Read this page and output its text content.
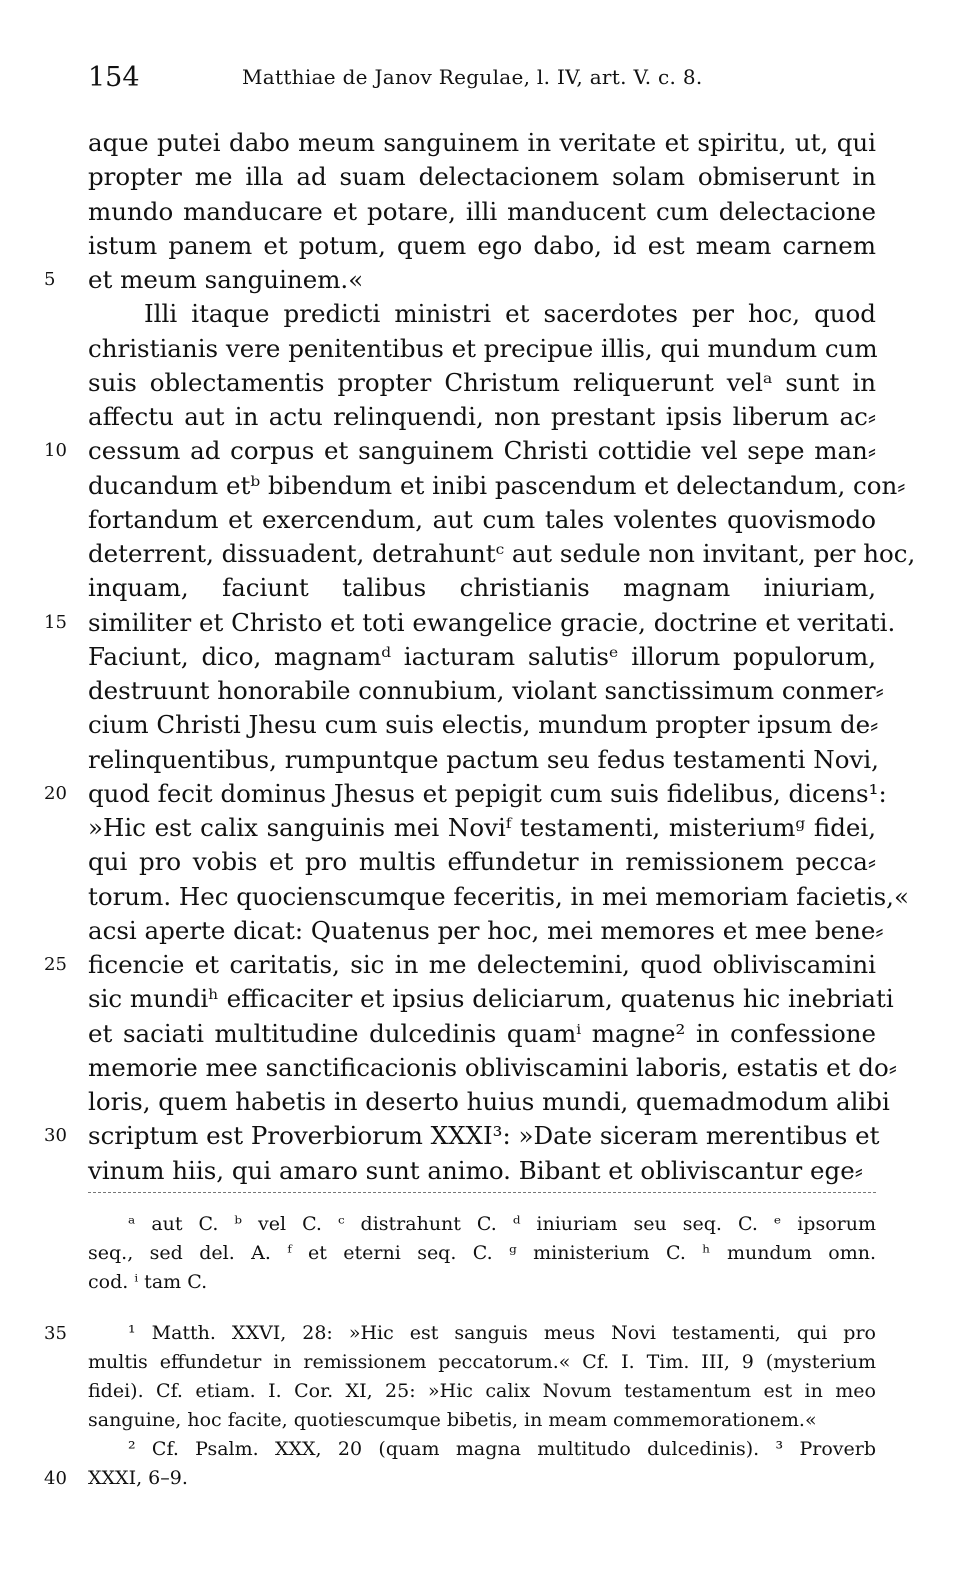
154	Matthiae de Janov Regulae, l. IV, art. V. c. 8.
aque putei dabo meum sanguinem in veritate et spiritu, ut, qui
propter me illa ad suam delectacionem solam obmiserunt in
mundo manducare et potare, illi manducent cum delectacione
istum panem et potum, quem ego dabo, id est meam carnem
5	et meum sanguinem.«
Illi itaque predicti ministri et sacerdotes per hoc, quod
christianis vere penitentibus et precipue illis, qui mundum cum
suis oblectamentis propter Christum reliquerunt velᵃ sunt in
affectu aut in actu relinquendi, non prestant ipsis liberum ac⸗
10 cessum ad corpus et sanguinem Christi cottidie vel sepe man⸗
ducandum etᵇ bibendum et inibi pascendum et delectandum, con⸗
fortandum et exercendum, aut cum tales volentes quovismodo
deterrent, dissuadent, detrahuntᶜ aut sedule non invitant, per hoc,
inquam, faciunt talibus christianis magnam iniuriam,
15 similiter et Christo et toti ewangelice gracie, doctrine et veritati.
Faciunt, dico, magnamᵈ iacturam salutisᵉ illorum populorum,
destruunt honorabile connubium, violant sanctissimum conmer⸗
cium Christi Jhesu cum suis electis, mundum propter ipsum de⸗
relinquentibus, rumpuntque pactum seu fedus testamenti Novi,
20 quod fecit dominus Jhesus et pepigit cum suis fidelibus, dicens¹:
»Hic est calix sanguinis mei Noviᶠ testamenti, misteriumᵍ fidei,
qui pro vobis et pro multis effundetur in remissionem pecca⸗
torum. Hec quocienscumque feceritis, in mei memoriam facietis,«
acsi aperte dicat: Quatenus per hoc, mei memores et mee bene⸗
25 ficencie et caritatis, sic in me delectemini, quod obliviscamini
sic mundiʰ efficaciter et ipsius deliciarum, quatenus hic inebriati
et saciati multitudine dulcedinis quamⁱ magne² in confessione
memorie mee sanctificacionis obliviscamini laboris, estatis et do⸗
loris, quem habetis in deserto huius mundi, quemadmodum alibi
30 scriptum est Proverbiorum XXXI³: »Date siceram merentibus et
vinum hiis, qui amaro sunt animo. Bibant et obliviscantur ege⸗
ᵃ aut C. ᵇ vel C. ᶜ distrahunt C. ᵈ iniuriam seu seq. C. ᵉ ipsorum
seq., sed del. A. ᶠ et eterni seq. C. ᵍ ministerium C. ʰ mundum omn.
cod. ⁱ tam C.
35	¹ Matth. XXVI, 28: »Hic est sanguis meus Novi testamenti, qui pro
multis effundetur in remissionem peccatorum.« Cf. I. Tim. III, 9 (mysterium
fidei). Cf. etiam. I. Cor. XI, 25: »Hic calix Novum testamentum est in meo
sanguine, hoc facite, quotiescumque bibetis, in meam commemorationem.«
² Cf. Psalm. XXX, 20 (quam magna multitudo dulcedinis). ³ Proverb
40	XXXI, 6–9.
